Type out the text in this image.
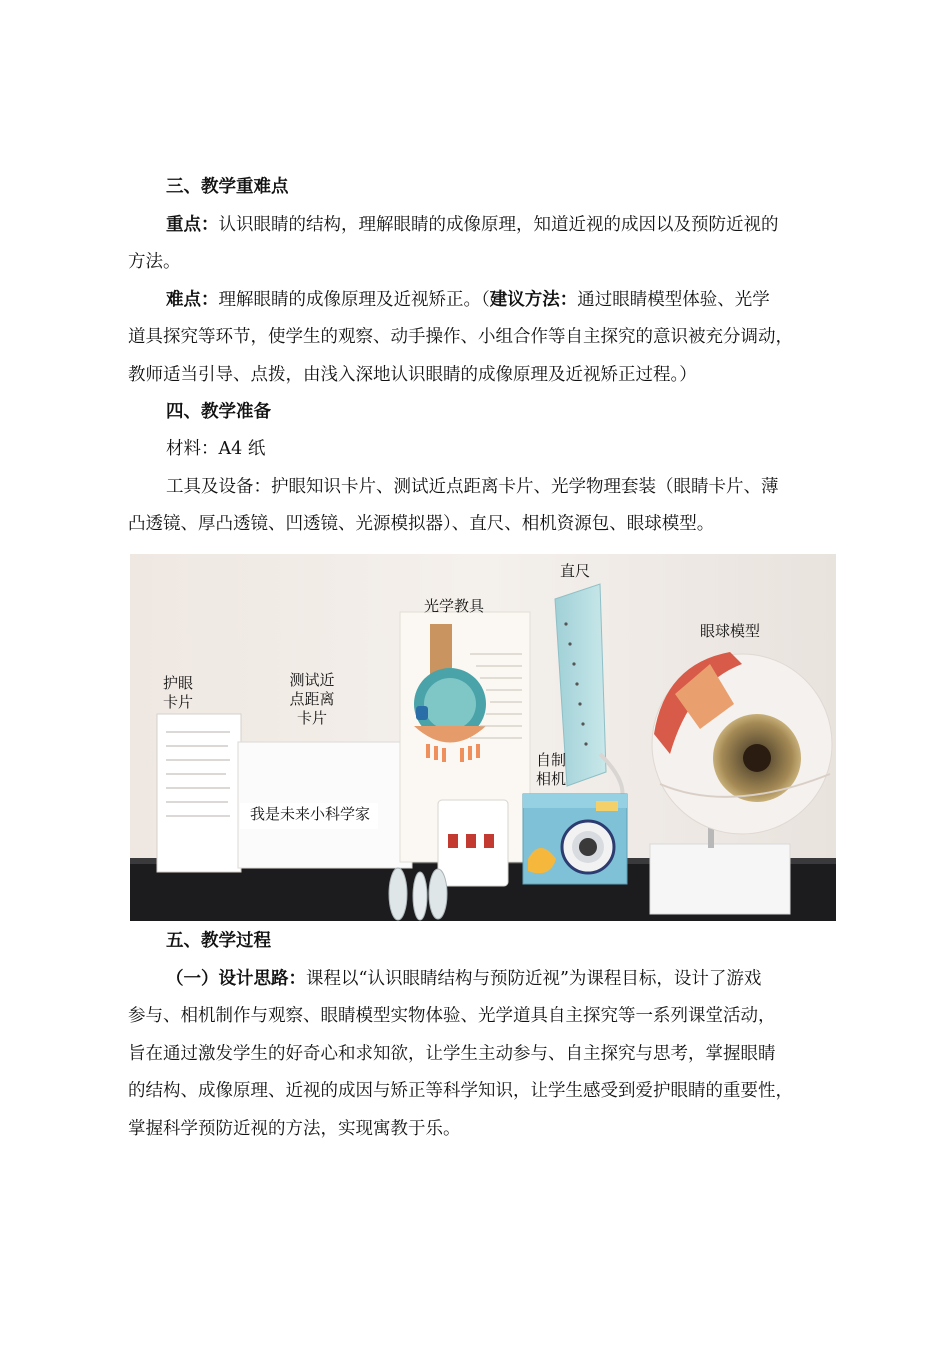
三、教学重难点
重点：认识眼睛的结构，理解眼睛的成像原理，知道近视的成因以及预防近视的
方法。
难点：理解眼睛的成像原理及近视矫正。（建议方法：通过眼睛模型体验、光学
道具探究等环节，使学生的观察、动手操作、小组合作等自主探究的意识被充分调动，
教师适当引导、点拨，由浅入深地认识眼睛的成像原理及近视矫正过程。）
四、教学准备
材料：A4 纸
工具及设备：护眼知识卡片、测试近点距离卡片、光学物理套装（眼睛卡片、薄
凸透镜、厚凸透镜、凹透镜、光源模拟器）、直尺、相机资源包、眼球模型。
护眼
卡片
测试近
点距离
卡片
光学教具
直尺
自制
相机
眼球模型
我是未来小科学家
五、教学过程
（一）设计思路：课程以“认识眼睛结构与预防近视”为课程目标，设计了游戏
参与、相机制作与观察、眼睛模型实物体验、光学道具自主探究等一系列课堂活动，
旨在通过激发学生的好奇心和求知欲，让学生主动参与、自主探究与思考，掌握眼睛
的结构、成像原理、近视的成因与矫正等科学知识，让学生感受到爱护眼睛的重要性，
掌握科学预防近视的方法，实现寓教于乐。
